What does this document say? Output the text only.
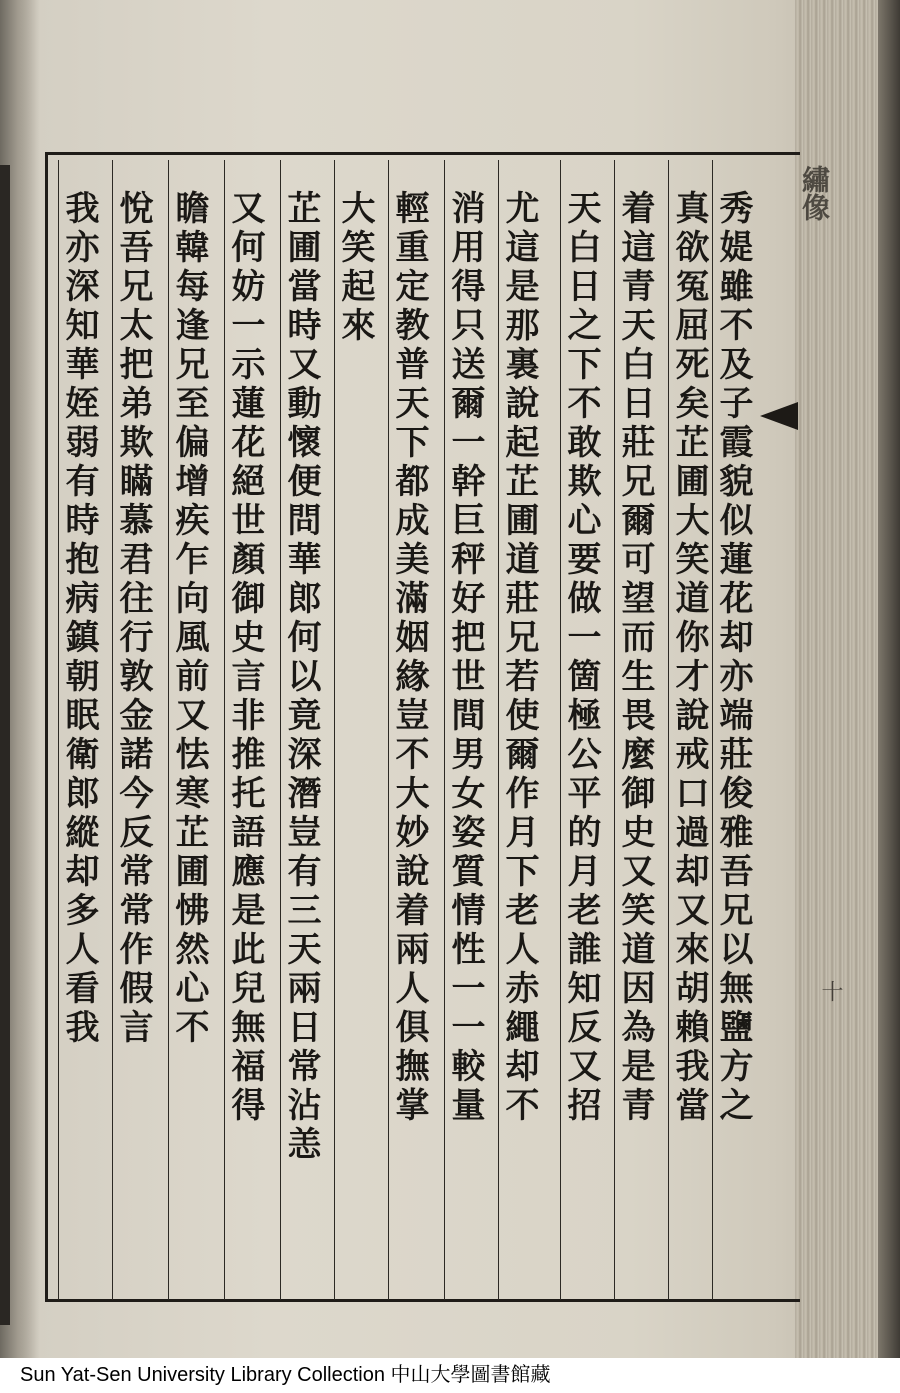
繡像
十
秀媞雖不及子霞貌似蓮花却亦端莊俊雅吾兄以無鹽方之
真欲冤屈死矣芷圃大笑道你才說戒口過却又來胡賴我當
着這青天白日莊兄爾可望而生畏麼御史又笑道因為是青
天白日之下不敢欺心要做一箇極公平的月老誰知反又招
尤這是那裏說起芷圃道莊兄若使爾作月下老人赤繩却不
消用得只送爾一幹巨秤好把世間男女姿質情性一一較量
輕重定教普天下都成美滿姻緣豈不大妙說着兩人俱撫掌
大笑起來
芷圃當時又動懷便問華郎何以竟深潛豈有三天兩日常沾恙
又何妨一示蓮花絕世顏御史言非推托語應是此兒無福得
瞻韓每逢兄至偏增疾乍向風前又怯寒芷圃怫然心不
悅吾兄太把弟欺瞞慕君往行敦金諾今反常常作假言
我亦深知華姪弱有時抱病鎮朝眠衛郎縱却多人看我
Sun Yat-Sen University Library Collection 中山大學圖書館藏
